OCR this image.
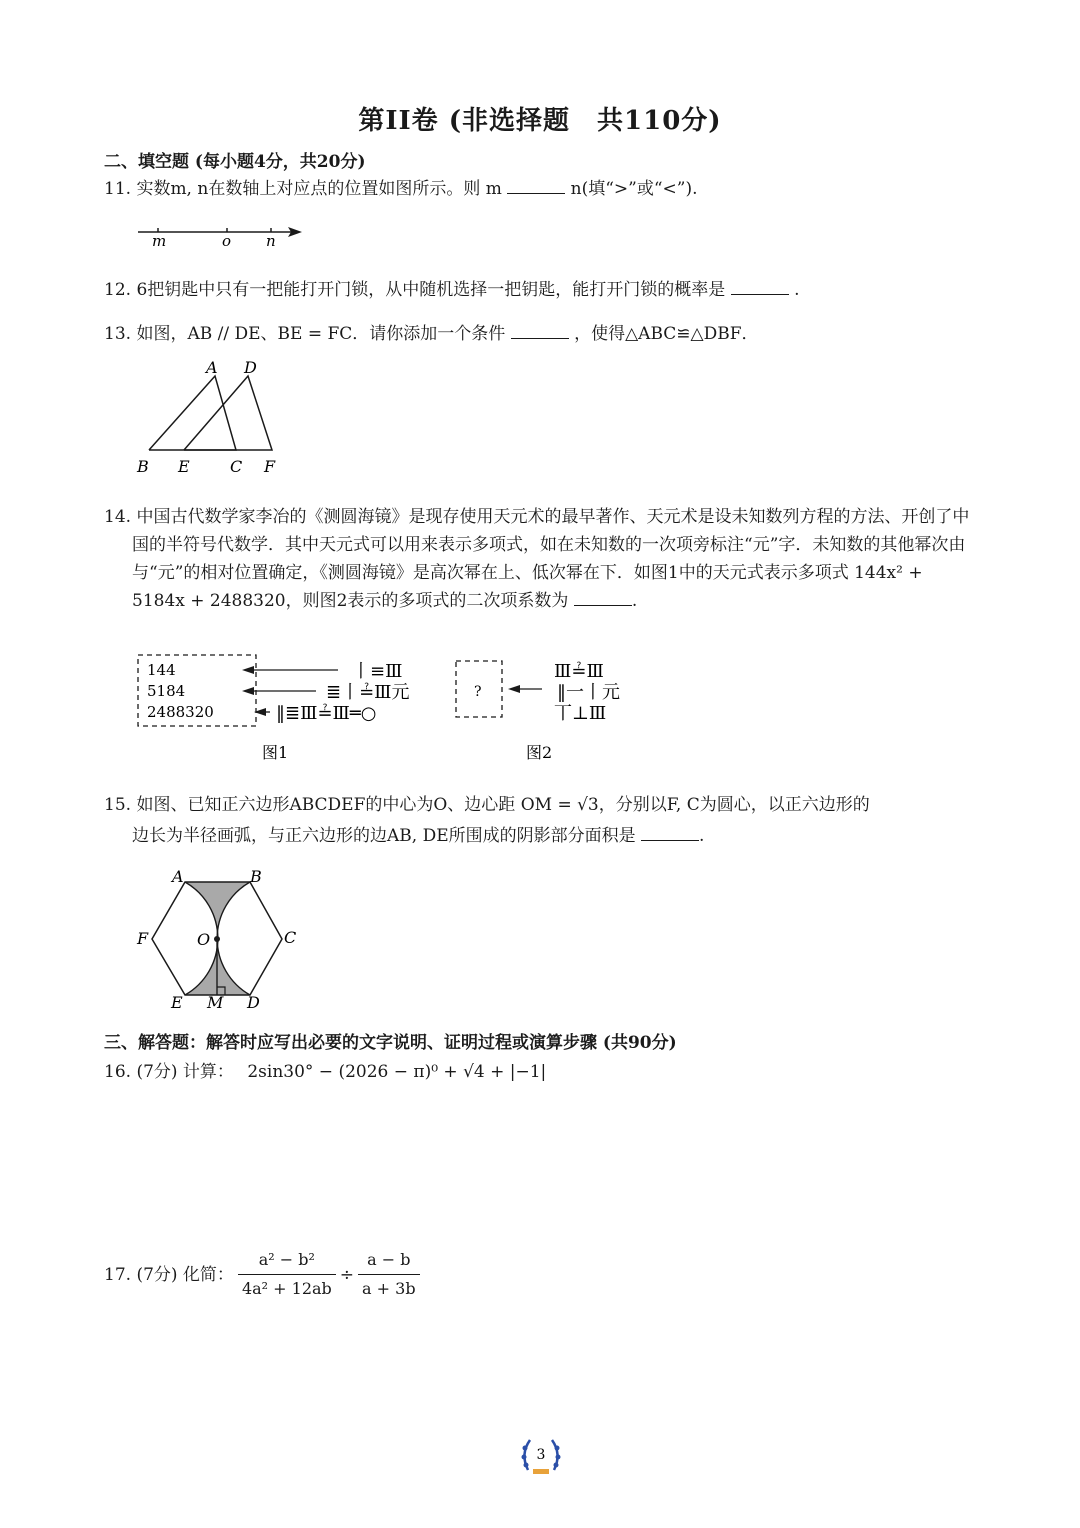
第II卷 (非选择题　共110分)
二、填空题 (每小题4分，共20分)
11. 实数m, n在数轴上对应点的位置如图所示。则 m	n(填“>”或“<”).
m	o n
12. 6把钥匙中只有一把能打开门锁，从中随机选择一把钥匙，能打开门锁的概率是	.
13. 如图，AB // DE、BE = FC．请你添加一个条件	，使得△ABC≌△DBF．
A D
B E	C F
14. 中国古代数学家李冶的《测圆海镜》是现存使用天元术的最早著作、天元术是设未知数列方程的方法、开创了中国的半符号代数学．其中天元式可以用来表示多项式，如在未知数的一次项旁标注“元”字．未知数的其他幂次由与“元”的相对位置确定，《测圆海镜》是高次幂在上、低次幂在下．如图1中的天元式表示多项式 144x² + 5184x + 2488320，则图2表示的多项式的二次项系数为	.
144
5184
2488320
丨≡Ⅲ
≣丨≟Ⅲ元
‖≣Ⅲ≟Ⅲ═○
图1
?
Ⅲ≟Ⅲ
‖一丨元
丅⊥Ⅲ
图2
15. 如图、已知正六边形ABCDEF的中心为O、边心距 OM = √3，分别以F, C为圆心，以正六边形的
边长为半径画弧，与正六边形的边AB, DE所围成的阴影部分面积是	.
A	B
C
D
E
F	O
M
三、解答题：解答时应写出必要的文字说明、证明过程或演算步骤 (共90分)
16. (7分) 计算： 2sin30° − (2026 − π)⁰ + √4 + |−1|
17. (7分) 化简： $\frac{\text{a² − b²}}{\text{4a² + 12ab}} \div \frac{a - b}{a + 3b}$
3
